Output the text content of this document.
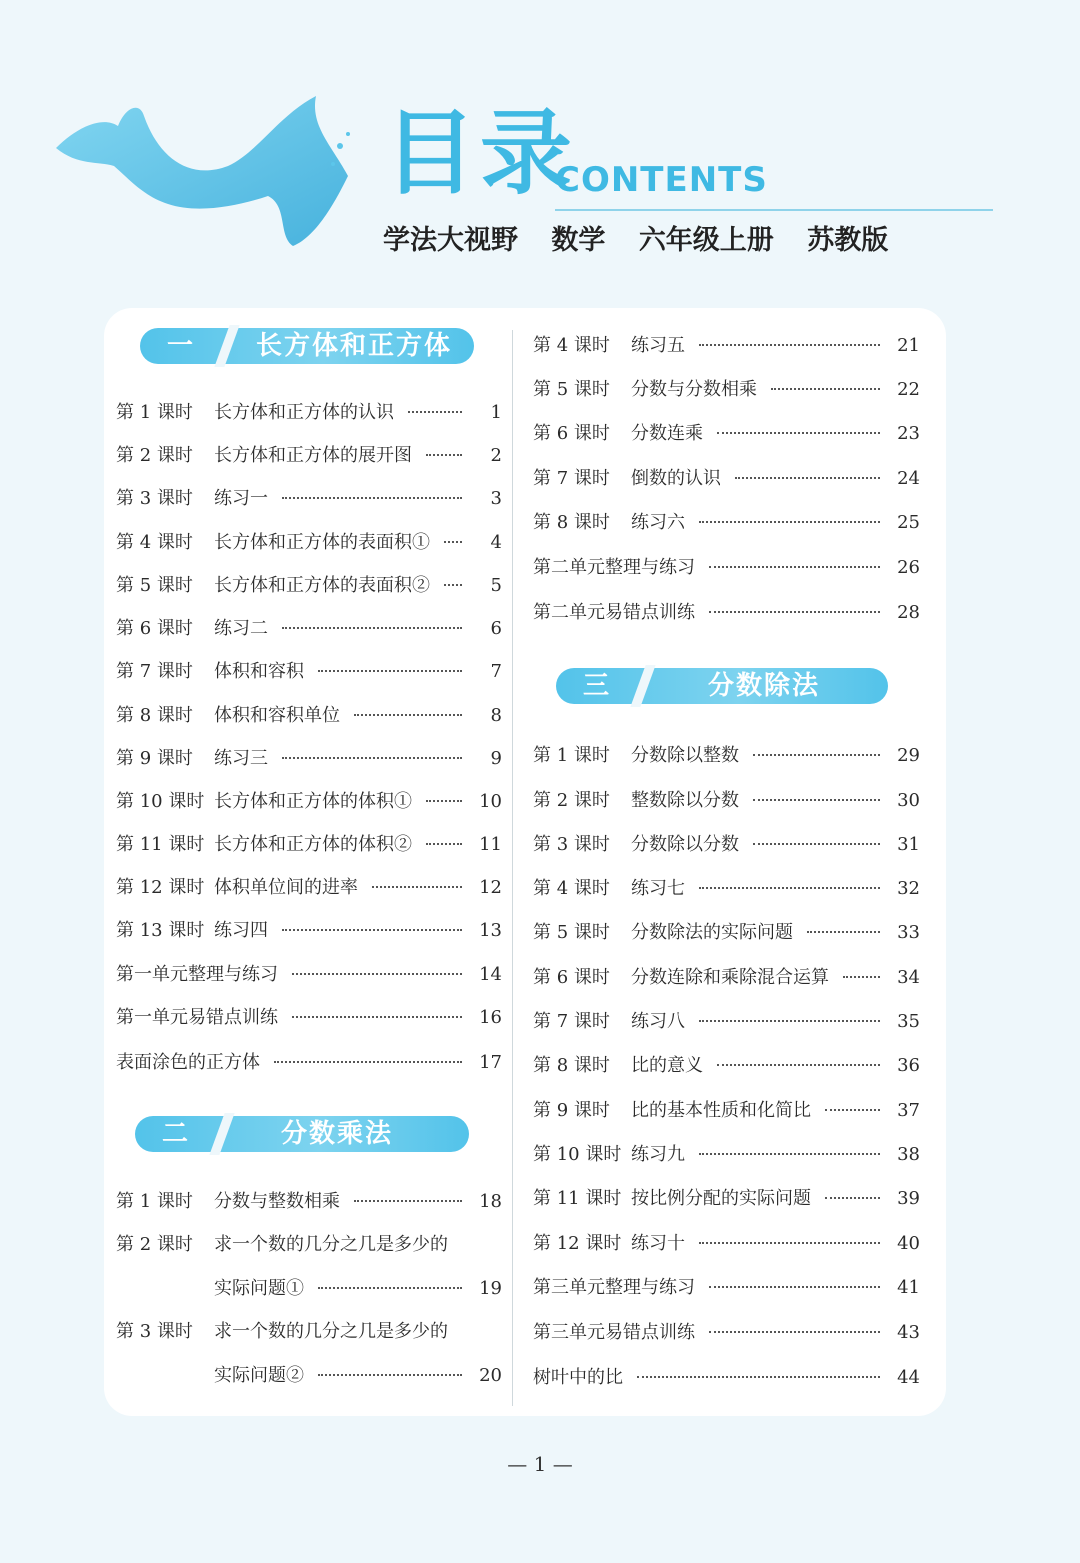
目录
CONTENTS
学法大视野 数学 六年级上册 苏教版
一	长方体和正方体
二	分数乘法
三	分数除法
第 1 课时 长方体和正方体的认识	1
第 2 课时 长方体和正方体的展开图	2
第 3 课时 练习一	3
第 4 课时 长方体和正方体的表面积①	4
第 5 课时 长方体和正方体的表面积②	5
第 6 课时 练习二	6
第 7 课时 体积和容积	7
第 8 课时 体积和容积单位	8
第 9 课时 练习三	9
第 10 课时 长方体和正方体的体积①	10
第 11 课时 长方体和正方体的体积②	11
第 12 课时 体积单位间的进率	12
第 13 课时 练习四	13
第一单元整理与练习	14
第一单元易错点训练	16
表面涂色的正方体	17
第 1 课时 分数与整数相乘	18
第 2 课时 求一个数的几分之几是多少的
实际问题①	19
第 3 课时 求一个数的几分之几是多少的
实际问题②	20
第 4 课时 练习五	21
第 5 课时 分数与分数相乘	22
第 6 课时 分数连乘	23
第 7 课时 倒数的认识	24
第 8 课时 练习六	25
第二单元整理与练习	26
第二单元易错点训练	28
第 1 课时 分数除以整数	29
第 2 课时 整数除以分数	30
第 3 课时 分数除以分数	31
第 4 课时 练习七	32
第 5 课时 分数除法的实际问题	33
第 6 课时 分数连除和乘除混合运算	34
第 7 课时 练习八	35
第 8 课时 比的意义	36
第 9 课时 比的基本性质和化简比	37
第 10 课时 练习九	38
第 11 课时 按比例分配的实际问题	39
第 12 课时 练习十	40
第三单元整理与练习	41
第三单元易错点训练	43
树叶中的比	44
— 1 —
